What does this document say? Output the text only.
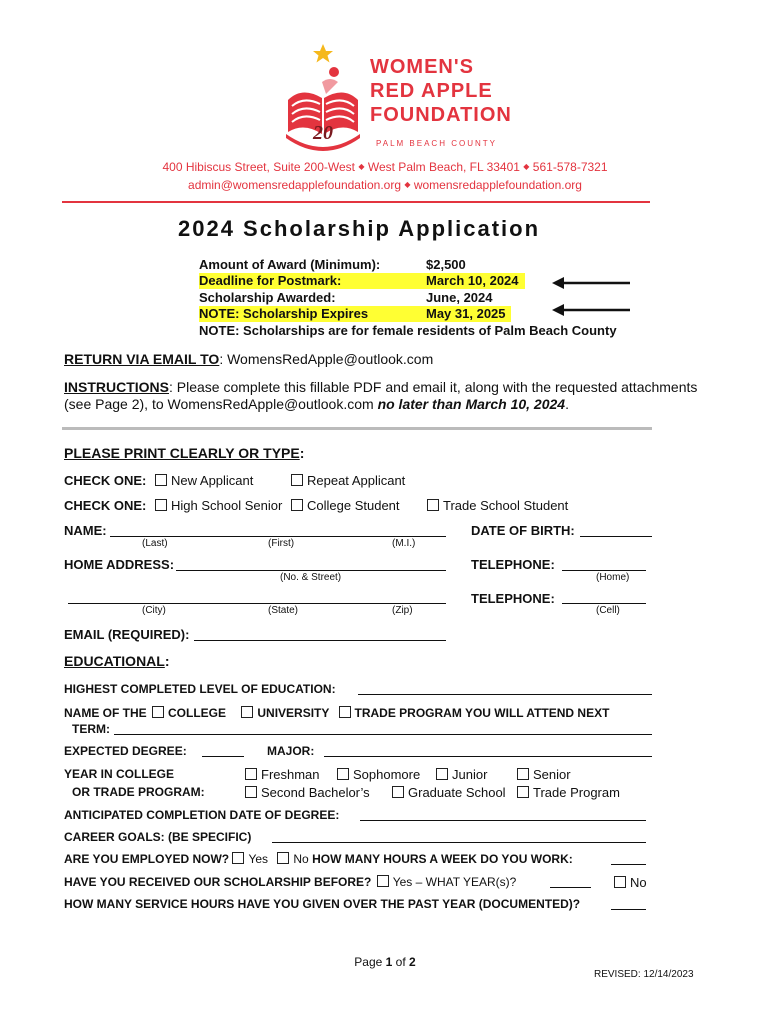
20
WOMEN'S
RED APPLE
FOUNDATION
PALM BEACH COUNTY
400 Hibiscus Street, Suite 200-West ◆ West Palm Beach, FL 33401 ◆ 561-578-7321
admin@womensredapplefoundation.org ◆ womensredapplefoundation.org
2024 Scholarship Application
Amount of Award (Minimum):	$2,500
Deadline for Postmark:	March 10, 2024
Scholarship Awarded:	June, 2024
NOTE: Scholarship Expires	May 31, 2025
NOTE: Scholarships are for female residents of Palm Beach County
RETURN VIA EMAIL TO: WomensRedApple@outlook.com
INSTRUCTIONS: Please complete this fillable PDF and email it, along with the requested attachments
(see Page 2), to WomensRedApple@outlook.com no later than March 10, 2024.
PLEASE PRINT CLEARLY OR TYPE:
CHECK ONE:	New Applicant	Repeat Applicant
CHECK ONE:	High School Senior	College Student	Trade School Student
NAME:
(Last)	(First)	(M.I.)
DATE OF BIRTH:
HOME ADDRESS:
(No. & Street)
TELEPHONE:
(Home)
(City)	(State)	(Zip)
TELEPHONE:
(Cell)
EMAIL (REQUIRED):
EDUCATIONAL:
HIGHEST COMPLETED LEVEL OF EDUCATION:
NAME OF THE COLLEGE	UNIVERSITY TRADE PROGRAM YOU WILL ATTEND NEXT
TERM:
EXPECTED DEGREE:	MAJOR:
YEAR IN COLLEGE
OR TRADE PROGRAM:
Freshman	Sophomore	Junior	Senior
Second Bachelor’s	Graduate School	Trade Program
ANTICIPATED COMPLETION DATE OF DEGREE:
CAREER GOALS: (BE SPECIFIC)
ARE YOU EMPLOYED NOW? Yes No HOW MANY HOURS A WEEK DO YOU WORK:
HAVE YOU RECEIVED OUR SCHOLARSHIP BEFORE? Yes – WHAT YEAR(s)?	No
HOW MANY SERVICE HOURS HAVE YOU GIVEN OVER THE PAST YEAR (DOCUMENTED)?
Page 1 of 2
REVISED: 12/14/2023
